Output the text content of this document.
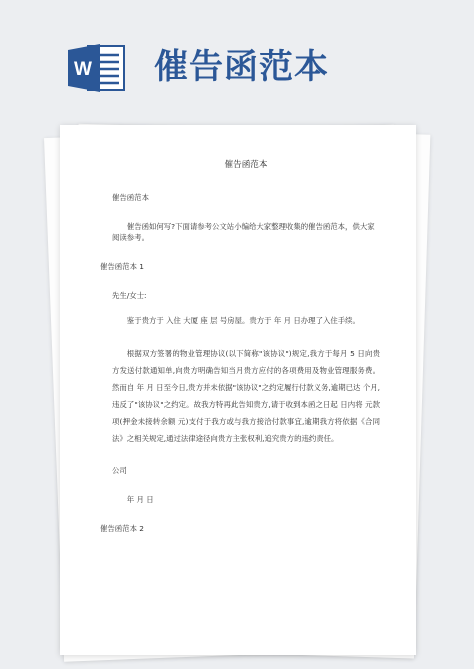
W 催告函范本
催告函范本

催告函范本

催告函如何写?下面请参考公文站小编给大家整理收集的催告函范本，供大家阅读参考。

催告函范本 1

先生/女士:

鉴于贵方于 入住 大厦 座 层 号房屋。贵方于 年 月 日办理了入住手续。

根据双方签署的物业管理协议(以下简称"该协议")规定,我方于每月 5 日向贵方发送付款通知单,向贵方明确告知当月贵方应付的各项费用及物业管理服务费。然而自 年 月 日至今日,贵方并未依据"该协议"之约定履行付款义务,逾期已达 个月,违反了"该协议"之约定。故我方特再此告知贵方,请于收到本函之日起 日内将 元款项(押金未接转余额 元)支付于我方或与我方接洽付款事宜,逾期我方将依据《合同法》之相关规定,通过法律途径向贵方主张权利,追究贵方的违约责任。

公司

年 月 日

催告函范本 2
